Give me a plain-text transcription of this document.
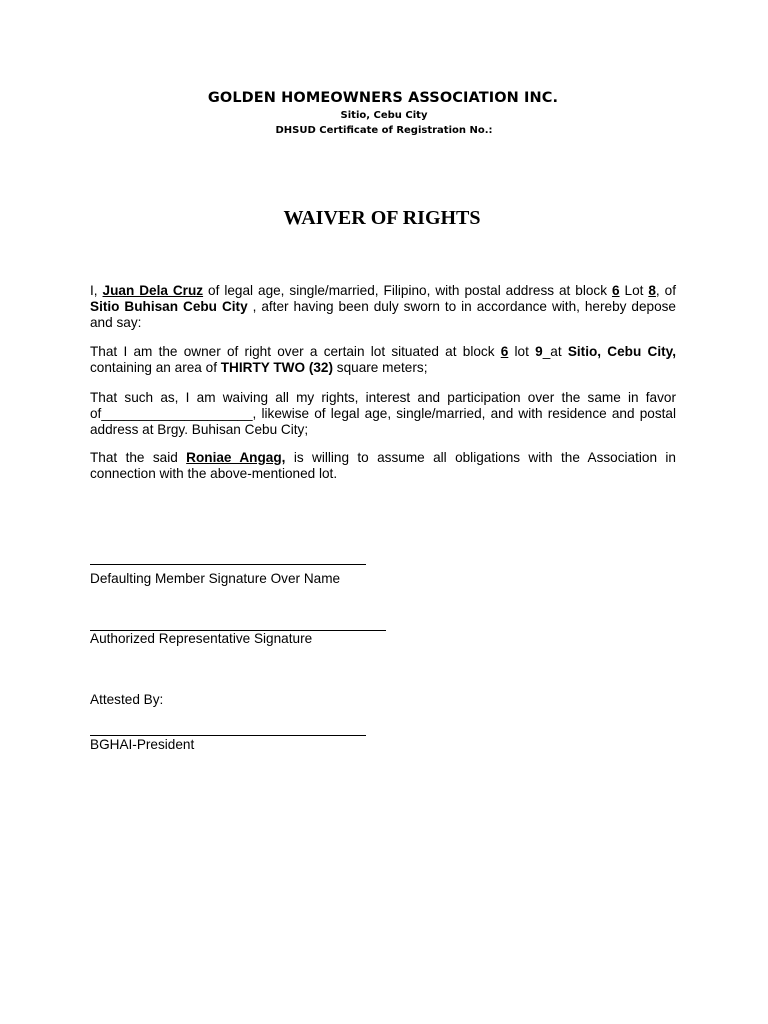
GOLDEN HOMEOWNERS ASSOCIATION INC.
Sitio, Cebu City
DHSUD Certificate of Registration No.:
WAIVER OF RIGHTS
I, Juan Dela Cruz of legal age, single/married, Filipino, with postal address at block 6 Lot 8, of Sitio Buhisan Cebu City , after having been duly sworn to in accordance with, hereby depose and say:
That I am the owner of right over a certain lot situated at block 6 lot 9_at Sitio, Cebu City, containing an area of THIRTY TWO (32) square meters;
That such as, I am waiving all my rights, interest and participation over the same in favor of____________________, likewise of legal age, single/married, and with residence and postal address at Brgy. Buhisan Cebu City;
That the said Roniae Angag, is willing to assume all obligations with the Association in connection with the above-mentioned lot.
Defaulting Member Signature Over Name
Authorized Representative Signature
Attested By:
BGHAI-President
